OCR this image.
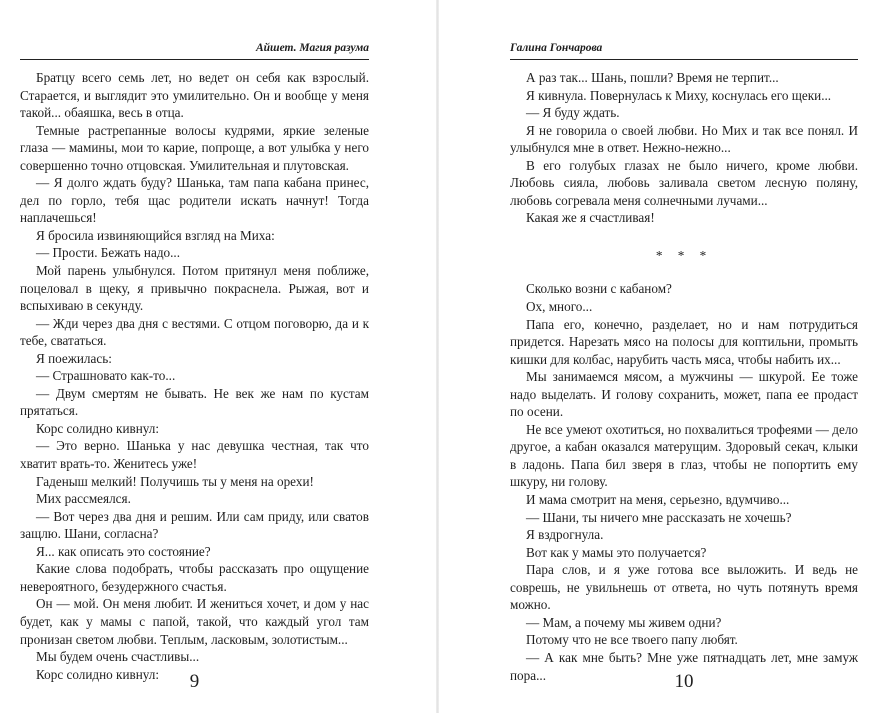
Айшет. Магия разума

Братцу всего семь лет, но ведет он себя как взрослый. Старается, и выглядит это умилительно. Он и вообще у меня такой... обаяшка, весь в отца.

Темные растрепанные волосы кудрями, яркие зеленые глаза — мамины, мои то карие, попроще, а вот улыбка у него совершенно точно отцовская. Умилительная и плутовская.

— Я долго ждать буду? Шанька, там папа кабана принес, дел по горло, тебя щас родители искать начнут! Тогда наплачешься!

Я бросила извиняющийся взгляд на Миха:

— Прости. Бежать надо...

Мой парень улыбнулся. Потом притянул меня поближе, поцеловал в щеку, я привычно покраснела. Рыжая, вот и вспыхиваю в секунду.

— Жди через два дня с вестями. С отцом поговорю, да и к тебе, свататься.

Я поежилась:

— Страшновато как-то...

— Двум смертям не бывать. Не век же нам по кустам прятаться.

Корс солидно кивнул:

— Это верно. Шанька у нас девушка честная, так что хватит врать-то. Женитесь уже!

Гаденыш мелкий! Получишь ты у меня на орехи!

Мих рассмеялся.

— Вот через два дня и решим. Или сам приду, или сватов защлю. Шани, согласна?

Я... как описать это состояние?

Какие слова подобрать, чтобы рассказать про ощущение невероятного, безудержного счастья.

Он — мой. Он меня любит. И жениться хочет, и дом у нас будет, как у мамы с папой, такой, что каждый угол там пронизан светом любви. Теплым, ласковым, золотистым...

Мы будем очень счастливы...

Корс солидно кивнул:	9
Галина Гончарова

А раз так... Шань, пошли? Время не терпит...

Я кивнула. Повернулась к Миху, коснулась его щеки...

— Я буду ждать.

Я не говорила о своей любви. Но Мих и так все понял. И улыбнулся мне в ответ. Нежно-нежно...

В его голубых глазах не было ничего, кроме любви. Любовь сияла, любовь заливала светом лесную поляну, любовь согревала меня солнечными лучами...

Какая же я счастливая!

* * *

Сколько возни с кабаном?

Ох, много...

Папа его, конечно, разделает, но и нам потрудиться придется. Нарезать мясо на полосы для коптильни, промыть кишки для колбас, нарубить часть мяса, чтобы набить их...

Мы занимаемся мясом, а мужчины — шкурой. Ее тоже надо выделать. И голову сохранить, может, папа ее продаст по осени.

Не все умеют охотиться, но похвалиться трофеями — дело другое, а кабан оказался матерущим. Здоровый секач, клыки в ладонь. Папа бил зверя в глаз, чтобы не попортить ему шкуру, ни голову.

И мама смотрит на меня, серьезно, вдумчиво...

— Шани, ты ничего мне рассказать не хочешь?

Я вздрогнула.

Вот как у мамы это получается?

Пара слов, и я уже готова все выложить. И ведь не соврешь, не увильнешь от ответа, но чуть потянуть время можно.

— Мам, а почему мы живем одни?

Потому что не все твоего папу любят.

— А как мне быть? Мне уже пятнадцать лет, мне замуж пора...	10
